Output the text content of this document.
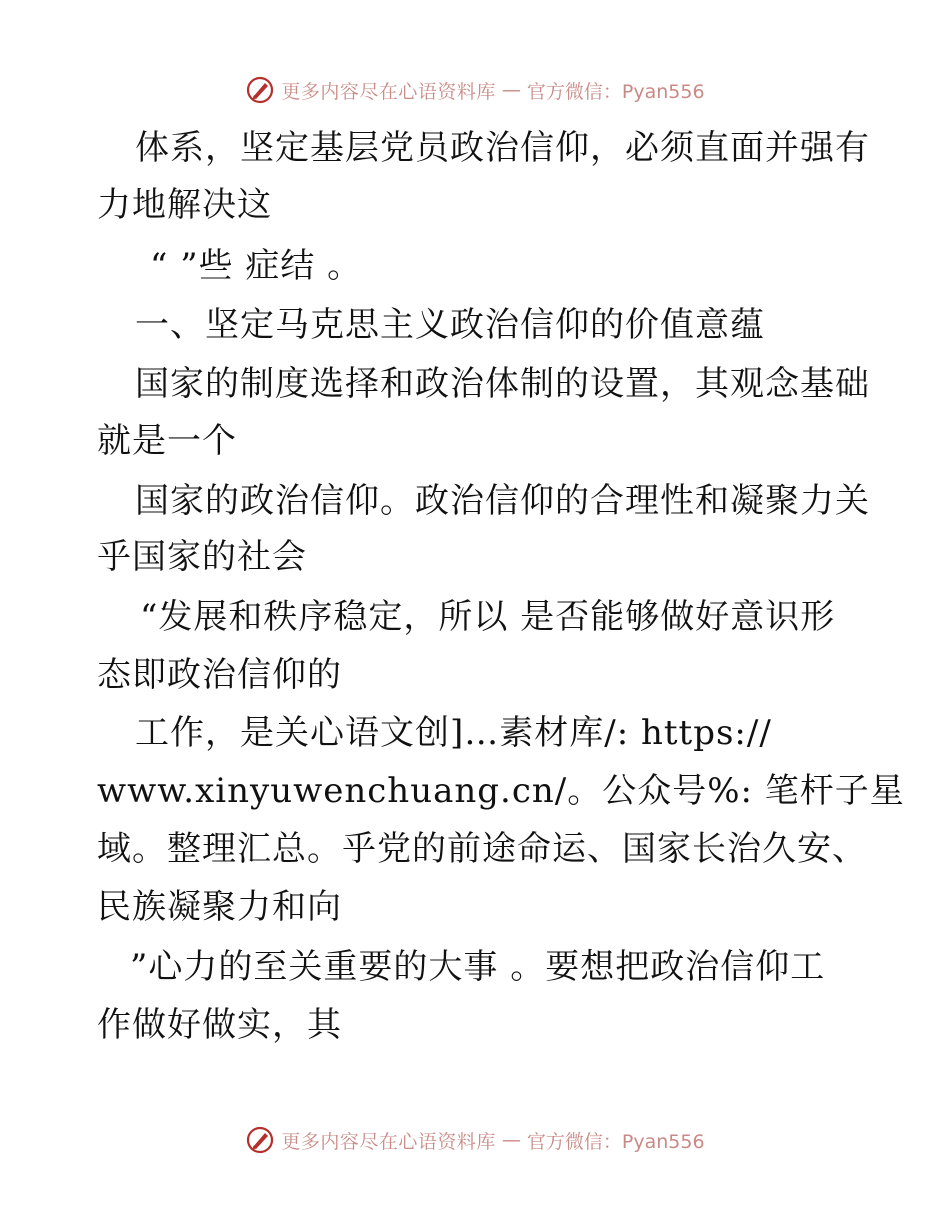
更多内容尽在心语资料库 — 官方微信：Pyan556
体系，坚定基层党员政治信仰，必须直面并强有
力地解决这
“ ”些 症结 。
一、坚定马克思主义政治信仰的价值意蕴
国家的制度选择和政治体制的设置，其观念基础
就是一个
国家的政治信仰。政治信仰的合理性和凝聚力关
乎国家的社会
“发展和秩序稳定，所以 是否能够做好意识形
态即政治信仰的
工作，是关心语文创]…素材库/: https://
www.xinyuwenchuang.cn/。公众号%: 笔杆子星
域。整理汇总。乎党的前途命运、国家长治久安、
民族凝聚力和向
”心力的至关重要的大事 。要想把政治信仰工
作做好做实，其
更多内容尽在心语资料库 — 官方微信：Pyan556
